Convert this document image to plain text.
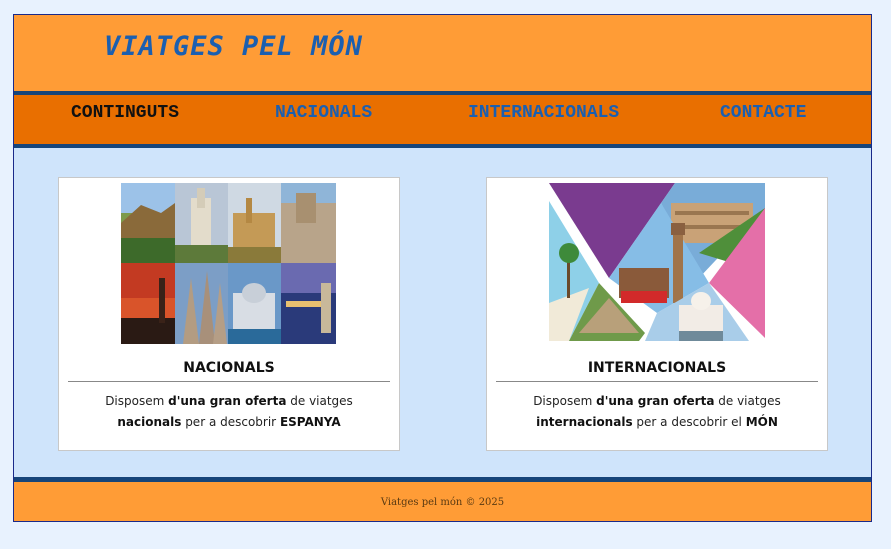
VIATGES PEL MÓN
CONTINGUTS	NACIONALS	INTERNACIONALS	CONTACTE
NACIONALS
Disposem d'una gran oferta de viatges
nacionals per a descobrir ESPANYA
INTERNACIONALS
Disposem d'una gran oferta de viatges
internacionals per a descobrir el MÓN

Viatges pel món © 2025
